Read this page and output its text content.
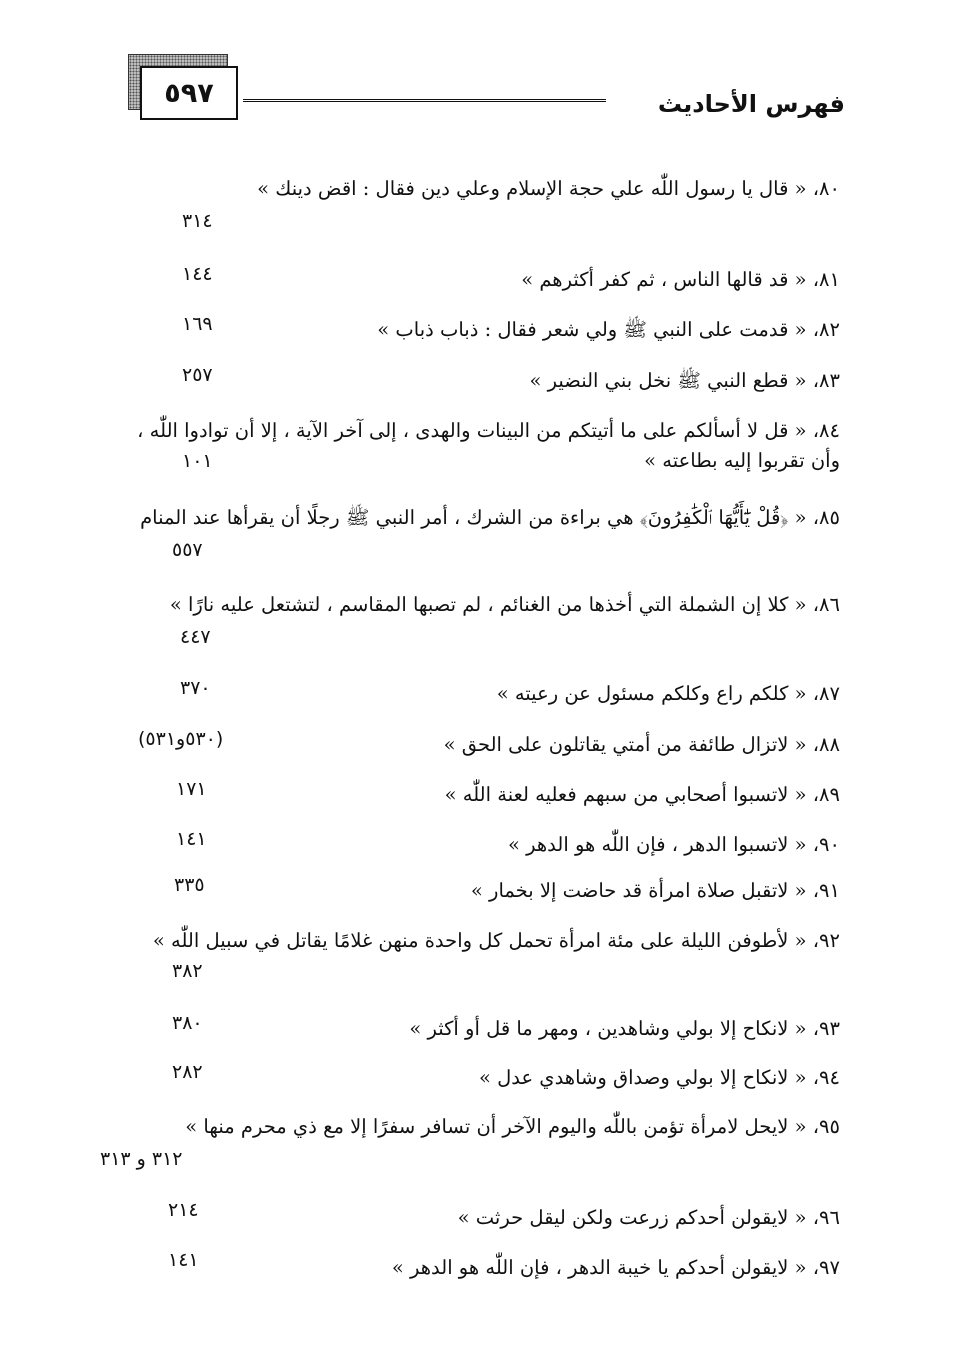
٥٩٧	فهرس الأحاديث
٨٠، « قال يا رسول اللّٰه علي حجة الإسلام وعلي دين فقال : اقض دينك »
٣١٤
٨١، « قد قالها الناس ، ثم كفر أكثرهم »
١٤٤
٨٢، « قدمت على النبي ﷺ ولي شعر فقال : ذباب ذباب »
١٦٩
٨٣، « قطع النبي ﷺ نخل بني النضير »
٢٥٧
٨٤، « قل لا أسألكم على ما أتيتكم من البينات والهدى ، إلى آخر الآية ، إلا أن توادوا اللّٰه ، وأن تقربوا إليه بطاعته »
١٠١
٨٥، « ﴿قُلْ يَٰٓأَيُّهَا ٱلْكَٰفِرُونَ﴾ هي براءة من الشرك ، أمر النبي ﷺ رجلًا أن يقرأها عند المنام
٥٥٧
٨٦، « كلا إن الشملة التي أخذها من الغنائم ، لم تصبها المقاسم ، لتشتعل عليه نارًا »
٤٤٧
٨٧، « كلكم راع وكلكم مسئول عن رعيته »
٣٧٠
٨٨، « لاتزال طائفة من أمتي يقاتلون على الحق »
(٥٣٠و٥٣١)
٨٩، « لاتسبوا أصحابي من سبهم فعليه لعنة اللّٰه »
١٧١
٩٠، « لاتسبوا الدهر ، فإن اللّٰه هو الدهر »
١٤١
٩١، « لاتقبل صلاة امرأة قد حاضت إلا بخمار »
٣٣٥
٩٢، « لأطوفن الليلة على مئة امرأة تحمل كل واحدة منهن غلامًا يقاتل في سبيل اللّٰه »
٣٨٢
٩٣، « لانكاح إلا بولي وشاهدين ، ومهر ما قل أو أكثر »
٣٨٠
٩٤، « لانكاح إلا بولي وصداق وشاهدي عدل »
٢٨٢
٩٥، « لايحل لامرأة تؤمن باللّٰه واليوم الآخر أن تسافر سفرًا إلا مع ذي محرم منها »
٣١٢ و ٣١٣
٩٦، « لايقولن أحدكم زرعت ولكن ليقل حرثت »
٢١٤
٩٧، « لايقولن أحدكم يا خيبة الدهر ، فإن اللّٰه هو الدهر »
١٤١
